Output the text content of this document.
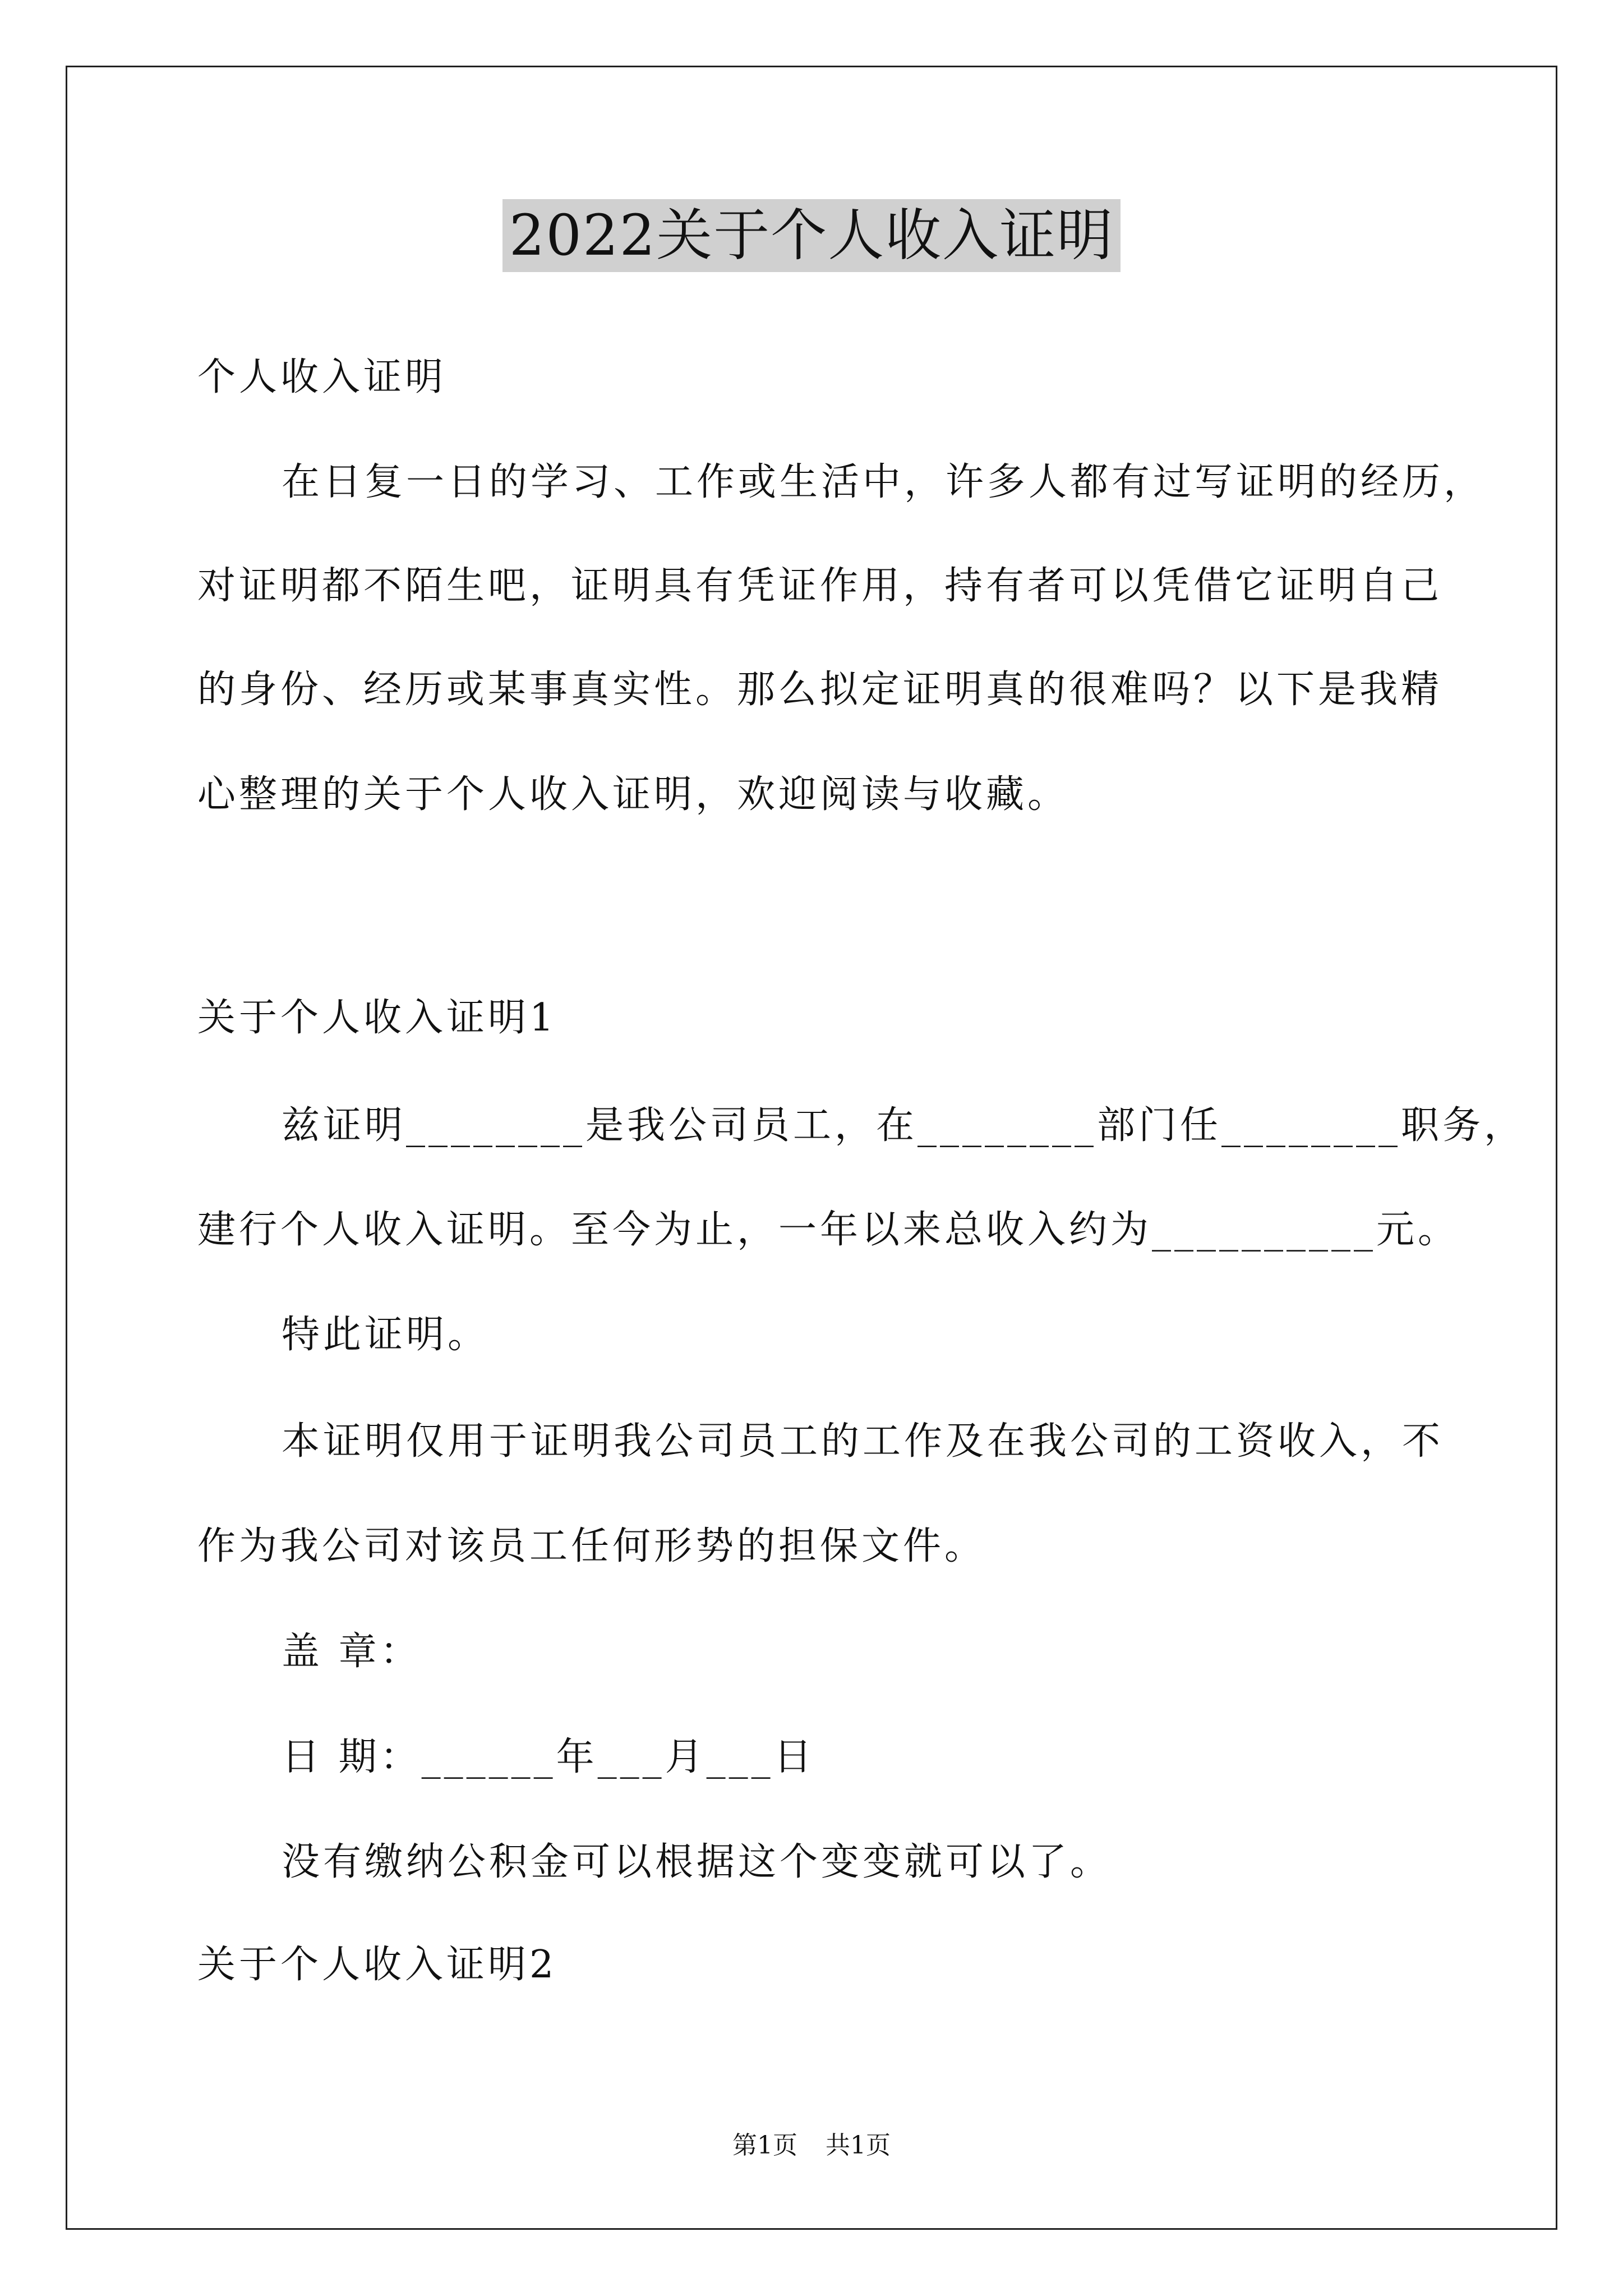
2022关于个人收入证明
个人收入证明
在日复一日的学习、工作或生活中，许多人都有过写证明的经历，
对证明都不陌生吧，证明具有凭证作用，持有者可以凭借它证明自己
的身份、经历或某事真实性。那么拟定证明真的很难吗？以下是我精
心整理的关于个人收入证明，欢迎阅读与收藏。
关于个人收入证明1
兹证明________是我公司员工，在________部门任________职务，
建行个人收入证明。至今为止，一年以来总收入约为__________元。
特此证明。
本证明仅用于证明我公司员工的工作及在我公司的工资收入，不
作为我公司对该员工任何形势的担保文件。
盖 章：
日 期：______年___月___日
没有缴纳公积金可以根据这个变变就可以了。
关于个人收入证明2
第1页 共1页
